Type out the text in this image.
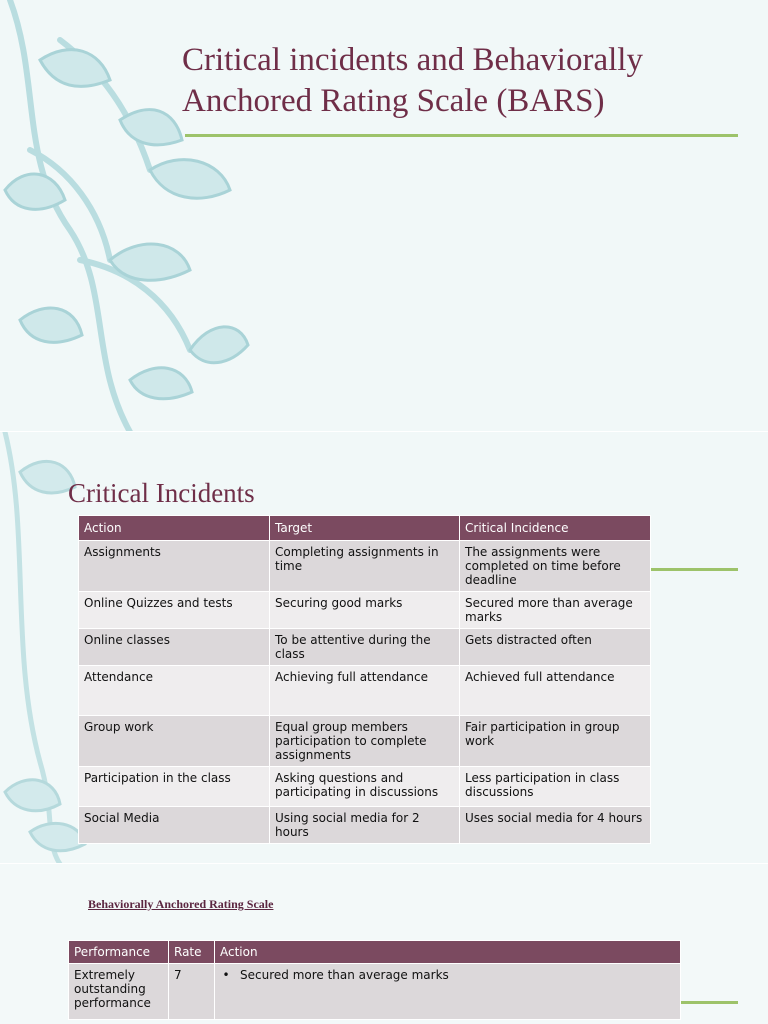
Critical incidents and Behaviorally
Anchored Rating Scale (BARS)
Critical Incidents
Action	Target	Critical Incidence
Assignments	Completing assignments in time	The assignments were completed on time before deadline
Online Quizzes and tests	Securing good marks	Secured more than average marks
Online classes	To be attentive during the class	Gets distracted often
Attendance	Achieving full attendance	Achieved full attendance
Group work	Equal group members participation to complete assignments	Fair participation in group work
Participation in the class	Asking questions and participating in discussions	Less participation in class discussions
Social Media	Using social media for 2 hours	Uses social media for 4 hours
Behaviorally Anchored Rating Scale
Performance	Rate	Action
Extremely outstanding performance	7	• Secured more than average marks
